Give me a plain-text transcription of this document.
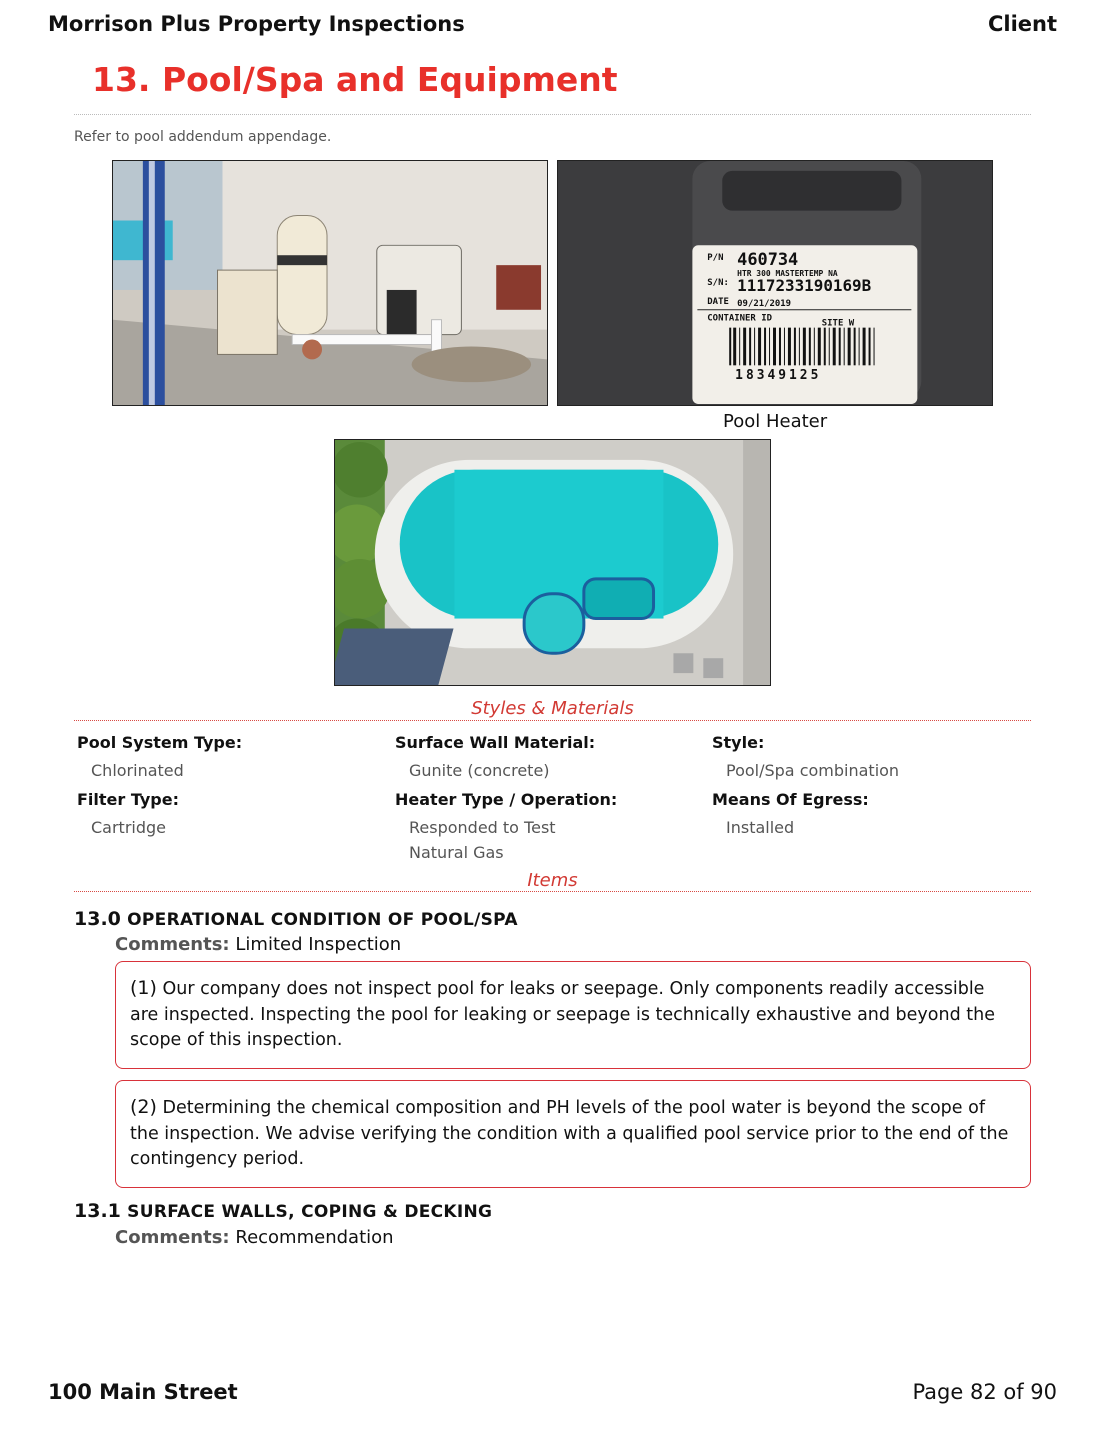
Morrison Plus Property Inspections	Client
13. Pool/Spa and Equipment
Refer to pool addendum appendage.
P/N 460734
HTR 300 MASTERTEMP NA
S/N: 1117233190169B
DATE 09/21/2019
CONTAINER ID	SITE W
18349125
Pool Heater
Styles & Materials
Pool System Type:
Chlorinated
Surface Wall Material:
Gunite (concrete)
Style:
Pool/Spa combination
Filter Type:
Cartridge
Heater Type / Operation:
Responded to Test
Natural Gas
Means Of Egress:
Installed
Items
13.0 OPERATIONAL CONDITION OF POOL/SPA
Comments: Limited Inspection
(1) Our company does not inspect pool for leaks or seepage. Only components readily accessible are inspected. Inspecting the pool for leaking or seepage is technically exhaustive and beyond the scope of this inspection.
(2) Determining the chemical composition and PH levels of the pool water is beyond the scope of the inspection. We advise verifying the condition with a qualified pool service prior to the end of the contingency period.
13.1 SURFACE WALLS, COPING & DECKING
Comments: Recommendation
100 Main Street	Page 82 of 90
